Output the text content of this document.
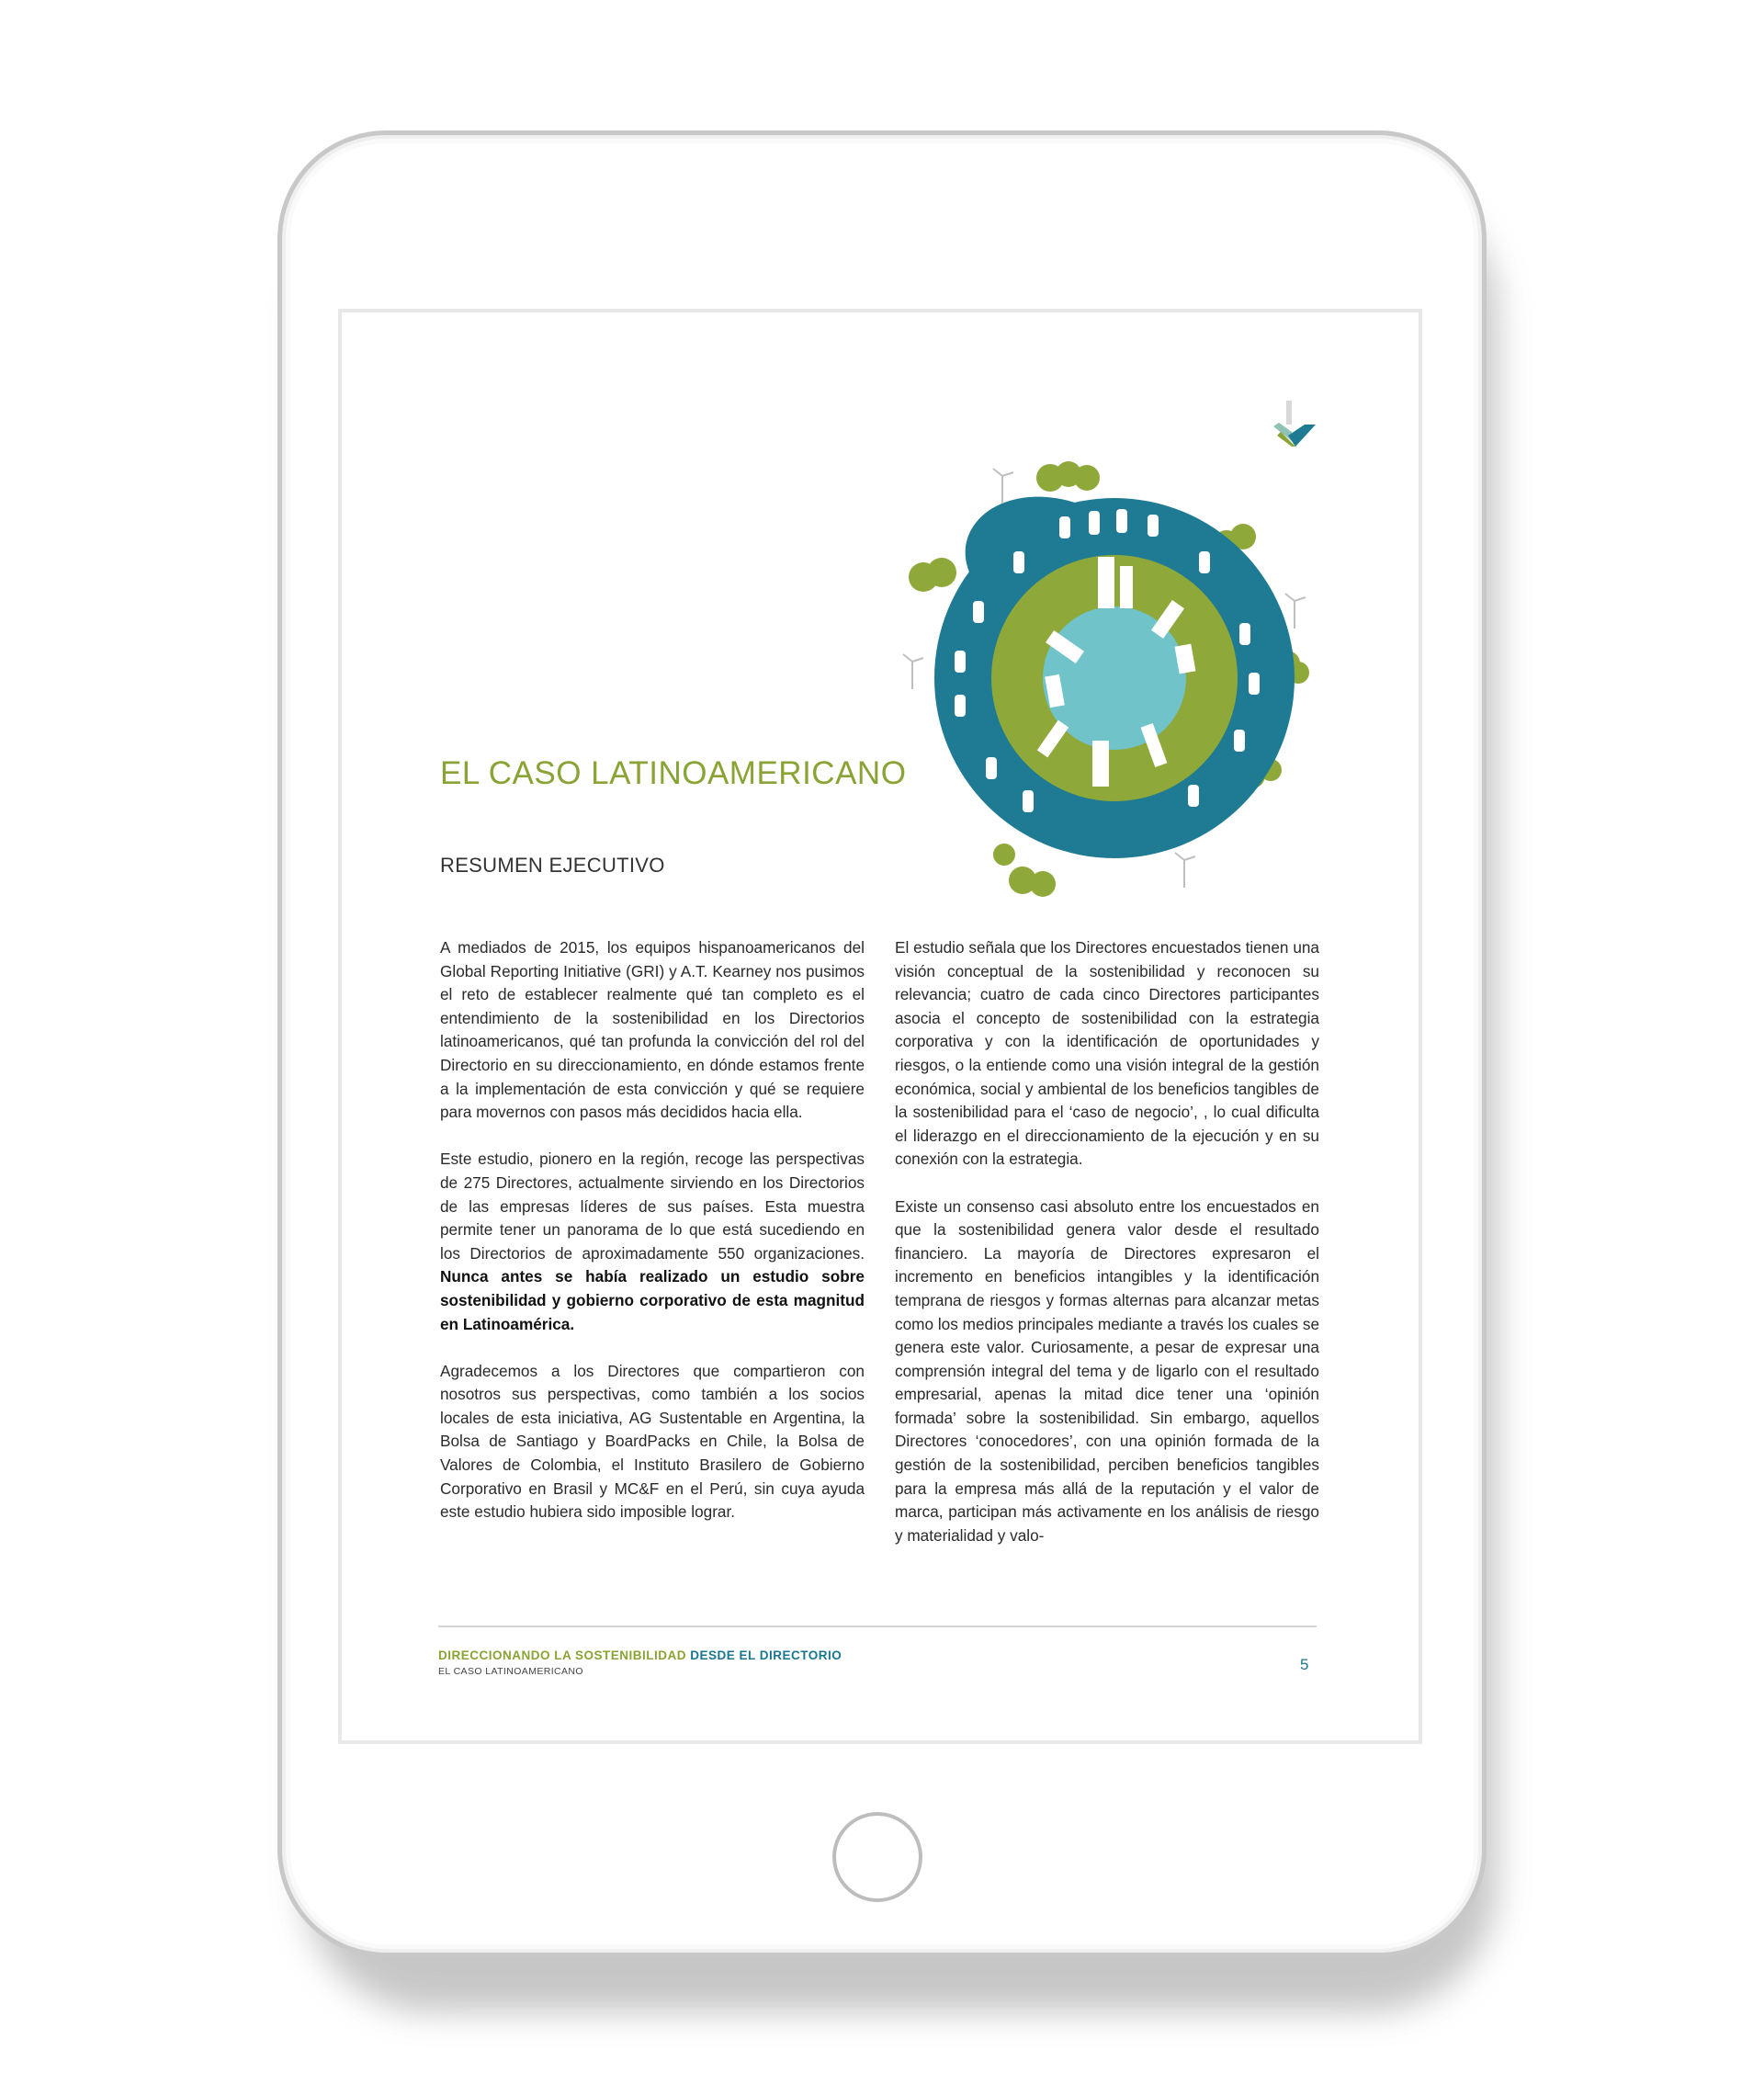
EL CASO LATINOAMERICANO
RESUMEN EJECUTIVO

A mediados de 2015, los equipos hispanoamericanos del Global Reporting Initiative (GRI) y A.T. Kearney nos pusimos el reto de establecer realmente qué tan completo es el entendimiento de la sostenibilidad en los Directorios latinoamericanos, qué tan profunda la convicción del rol del Directorio en su direccionamiento, en dónde estamos frente a la implementación de esta convicción y qué se requiere para movernos con pasos más decididos hacia ella.

Este estudio, pionero en la región, recoge las perspectivas de 275 Directores, actualmente sirviendo en los Directorios de las empresas líderes de sus países. Esta muestra permite tener un panorama de lo que está sucediendo en los Directorios de aproximadamente 550 organizaciones. Nunca antes se había realizado un estudio sobre sostenibilidad y gobierno corporativo de esta magnitud en Latinoamérica.

Agradecemos a los Directores que compartieron con nosotros sus perspectivas, como también a los socios locales de esta iniciativa, AG Sustentable en Argentina, la Bolsa de Santiago y BoardPacks en Chile, la Bolsa de Valores de Colombia, el Instituto Brasilero de Gobierno Corporativo en Brasil y MC&F en el Perú, sin cuya ayuda este estudio hubiera sido imposible lograr.

El estudio señala que los Directores encuestados tienen una visión conceptual de la sostenibilidad y reconocen su relevancia; cuatro de cada cinco Directores participantes asocia el concepto de sostenibilidad con la estrategia corporativa y con la identificación de oportunidades y riesgos, o la entiende como una visión integral de la gestión económica, social y ambiental de los beneficios tangibles de la sostenibilidad para el ‘caso de negocio’, , lo cual dificulta el liderazgo en el direccionamiento de la ejecución y en su conexión con la estrategia.

Existe un consenso casi absoluto entre los encuestados en que la sostenibilidad genera valor desde el resultado financiero. La mayoría de Directores expresaron el incremento en beneficios intangibles y la identificación temprana de riesgos y formas alternas para alcanzar metas como los medios principales mediante a través los cuales se genera este valor. Curiosamente, a pesar de expresar una comprensión integral del tema y de ligarlo con el resultado empresarial, apenas la mitad dice tener una ‘opinión formada’ sobre la sostenibilidad. Sin embargo, aquellos Directores ‘conocedores’, con una opinión formada de la gestión de la sostenibilidad, perciben beneficios tangibles para la empresa más allá de la reputación y el valor de marca, participan más activamente en los análisis de riesgo y materialidad y valo-

DIRECCIONANDO LA SOSTENIBILIDAD DESDE EL DIRECTORIO
EL CASO LATINOAMERICANO	5
